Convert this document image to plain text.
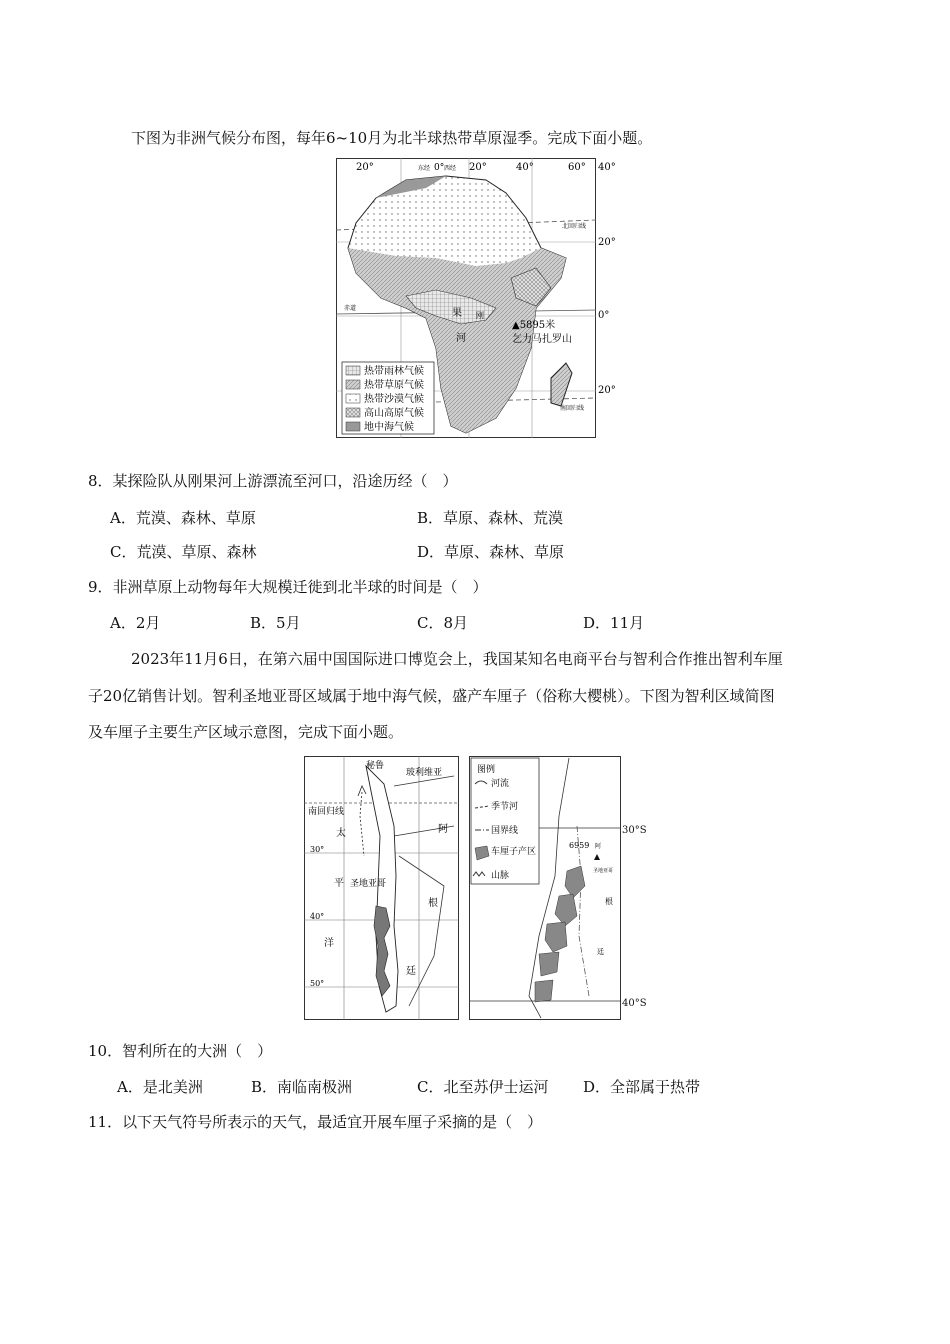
下图为非洲气候分布图，每年6~10月为北半球热带草原湿季。完成下面小题。
20°	东经 0° 西经 20°	40°	60° 40°
20°
0°
20°
北回归线
赤道
南回归线
果 刚
河
▲5895米
乞力马扎罗山
热带雨林气候
热带草原气候
热带沙漠气候
高山高原气候
地中海气候
8．某探险队从刚果河上游漂流至河口，沿途历经（　）
A．荒漠、森林、草原	B．草原、森林、荒漠
C．荒漠、草原、森林	D．草原、森林、草原
9．非洲草原上动物每年大规模迁徙到北半球的时间是（　）
A．2月	B．5月	C．8月	D．11月
2023年11月6日，在第六届中国国际进口博览会上，我国某知名电商平台与智利合作推出智利车厘
子20亿销售计划。智利圣地亚哥区域属于地中海气候，盛产车厘子（俗称大樱桃）。下图为智利区域简图
及车厘子主要生产区域示意图，完成下面小题。
秘鲁
玻利维亚
南回归线
太	阿
30°
平 圣地亚哥
根
40°
洋
廷
50°
图例
河流
季节河
国界线
车厘子产区
山脉
6959 阿
圣地亚哥
根
廷
30°S
40°S
10．智利所在的大洲（　）
A．是北美洲	B．南临南极洲	C．北至苏伊士运河 D．全部属于热带
11．以下天气符号所表示的天气，最适宜开展车厘子采摘的是（　）
